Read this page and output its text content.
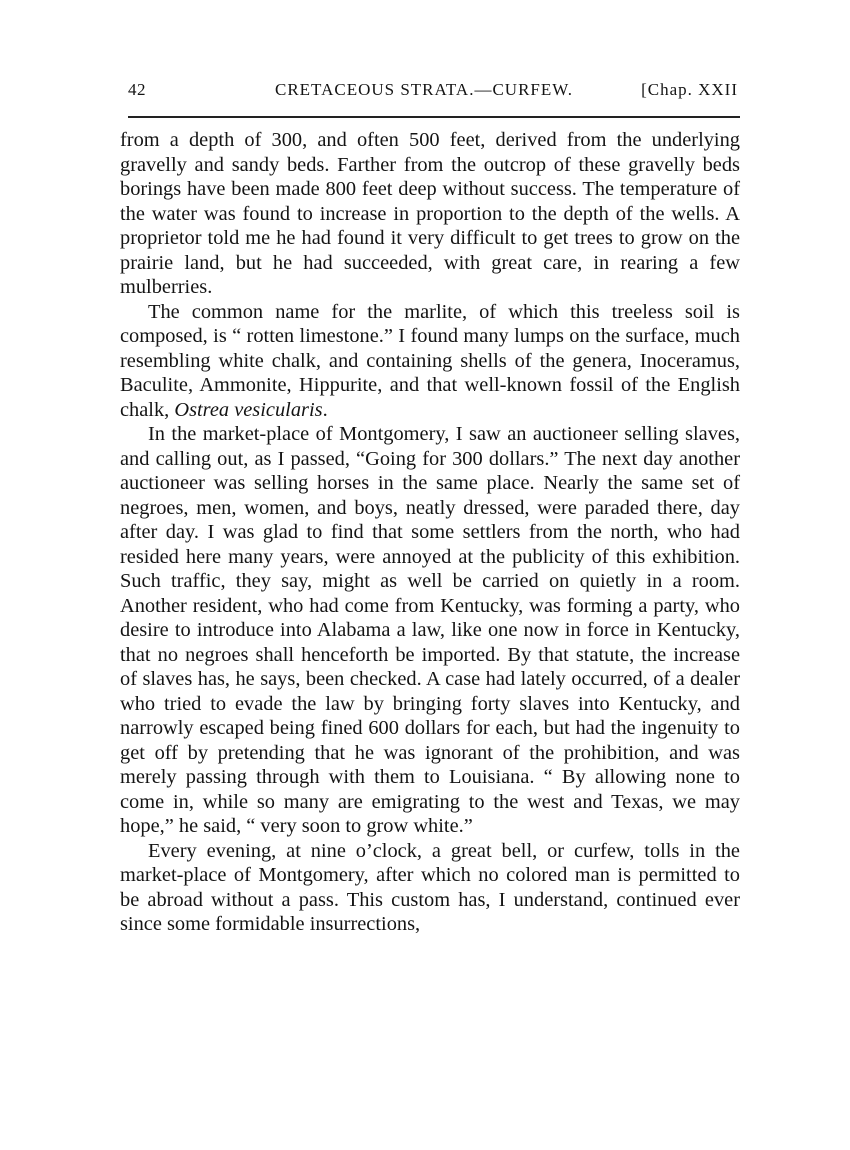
42	CRETACEOUS STRATA.—CURFEW.	[Chap. XXII

from a depth of 300, and often 500 feet, derived from the underlying gravelly and sandy beds. Farther from the outcrop of these gravelly beds borings have been made 800 feet deep without success. The temperature of the water was found to increase in proportion to the depth of the wells. A proprietor told me he had found it very difficult to get trees to grow on the prairie land, but he had succeeded, with great care, in rearing a few mulberries.

The common name for the marlite, of which this treeless soil is composed, is “ rotten limestone.” I found many lumps on the surface, much resembling white chalk, and containing shells of the genera, Inoceramus, Baculite, Ammonite, Hippurite, and that well-known fossil of the English chalk, Ostrea vesicularis.

In the market-place of Montgomery, I saw an auctioneer selling slaves, and calling out, as I passed, “Going for 300 dollars.” The next day another auctioneer was selling horses in the same place. Nearly the same set of negroes, men, women, and boys, neatly dressed, were paraded there, day after day. I was glad to find that some settlers from the north, who had resided here many years, were annoyed at the publicity of this exhibition. Such traffic, they say, might as well be carried on quietly in a room. Another resident, who had come from Kentucky, was forming a party, who desire to introduce into Alabama a law, like one now in force in Kentucky, that no negroes shall henceforth be imported. By that statute, the increase of slaves has, he says, been checked. A case had lately occurred, of a dealer who tried to evade the law by bringing forty slaves into Kentucky, and narrowly escaped being fined 600 dollars for each, but had the ingenuity to get off by pretending that he was ignorant of the prohibition, and was merely passing through with them to Louisiana. “ By allowing none to come in, while so many are emigrating to the west and Texas, we may hope,” he said, “ very soon to grow white.”

Every evening, at nine o’clock, a great bell, or curfew, tolls in the market-place of Montgomery, after which no colored man is permitted to be abroad without a pass. This custom has, I understand, continued ever since some formidable insurrections,
